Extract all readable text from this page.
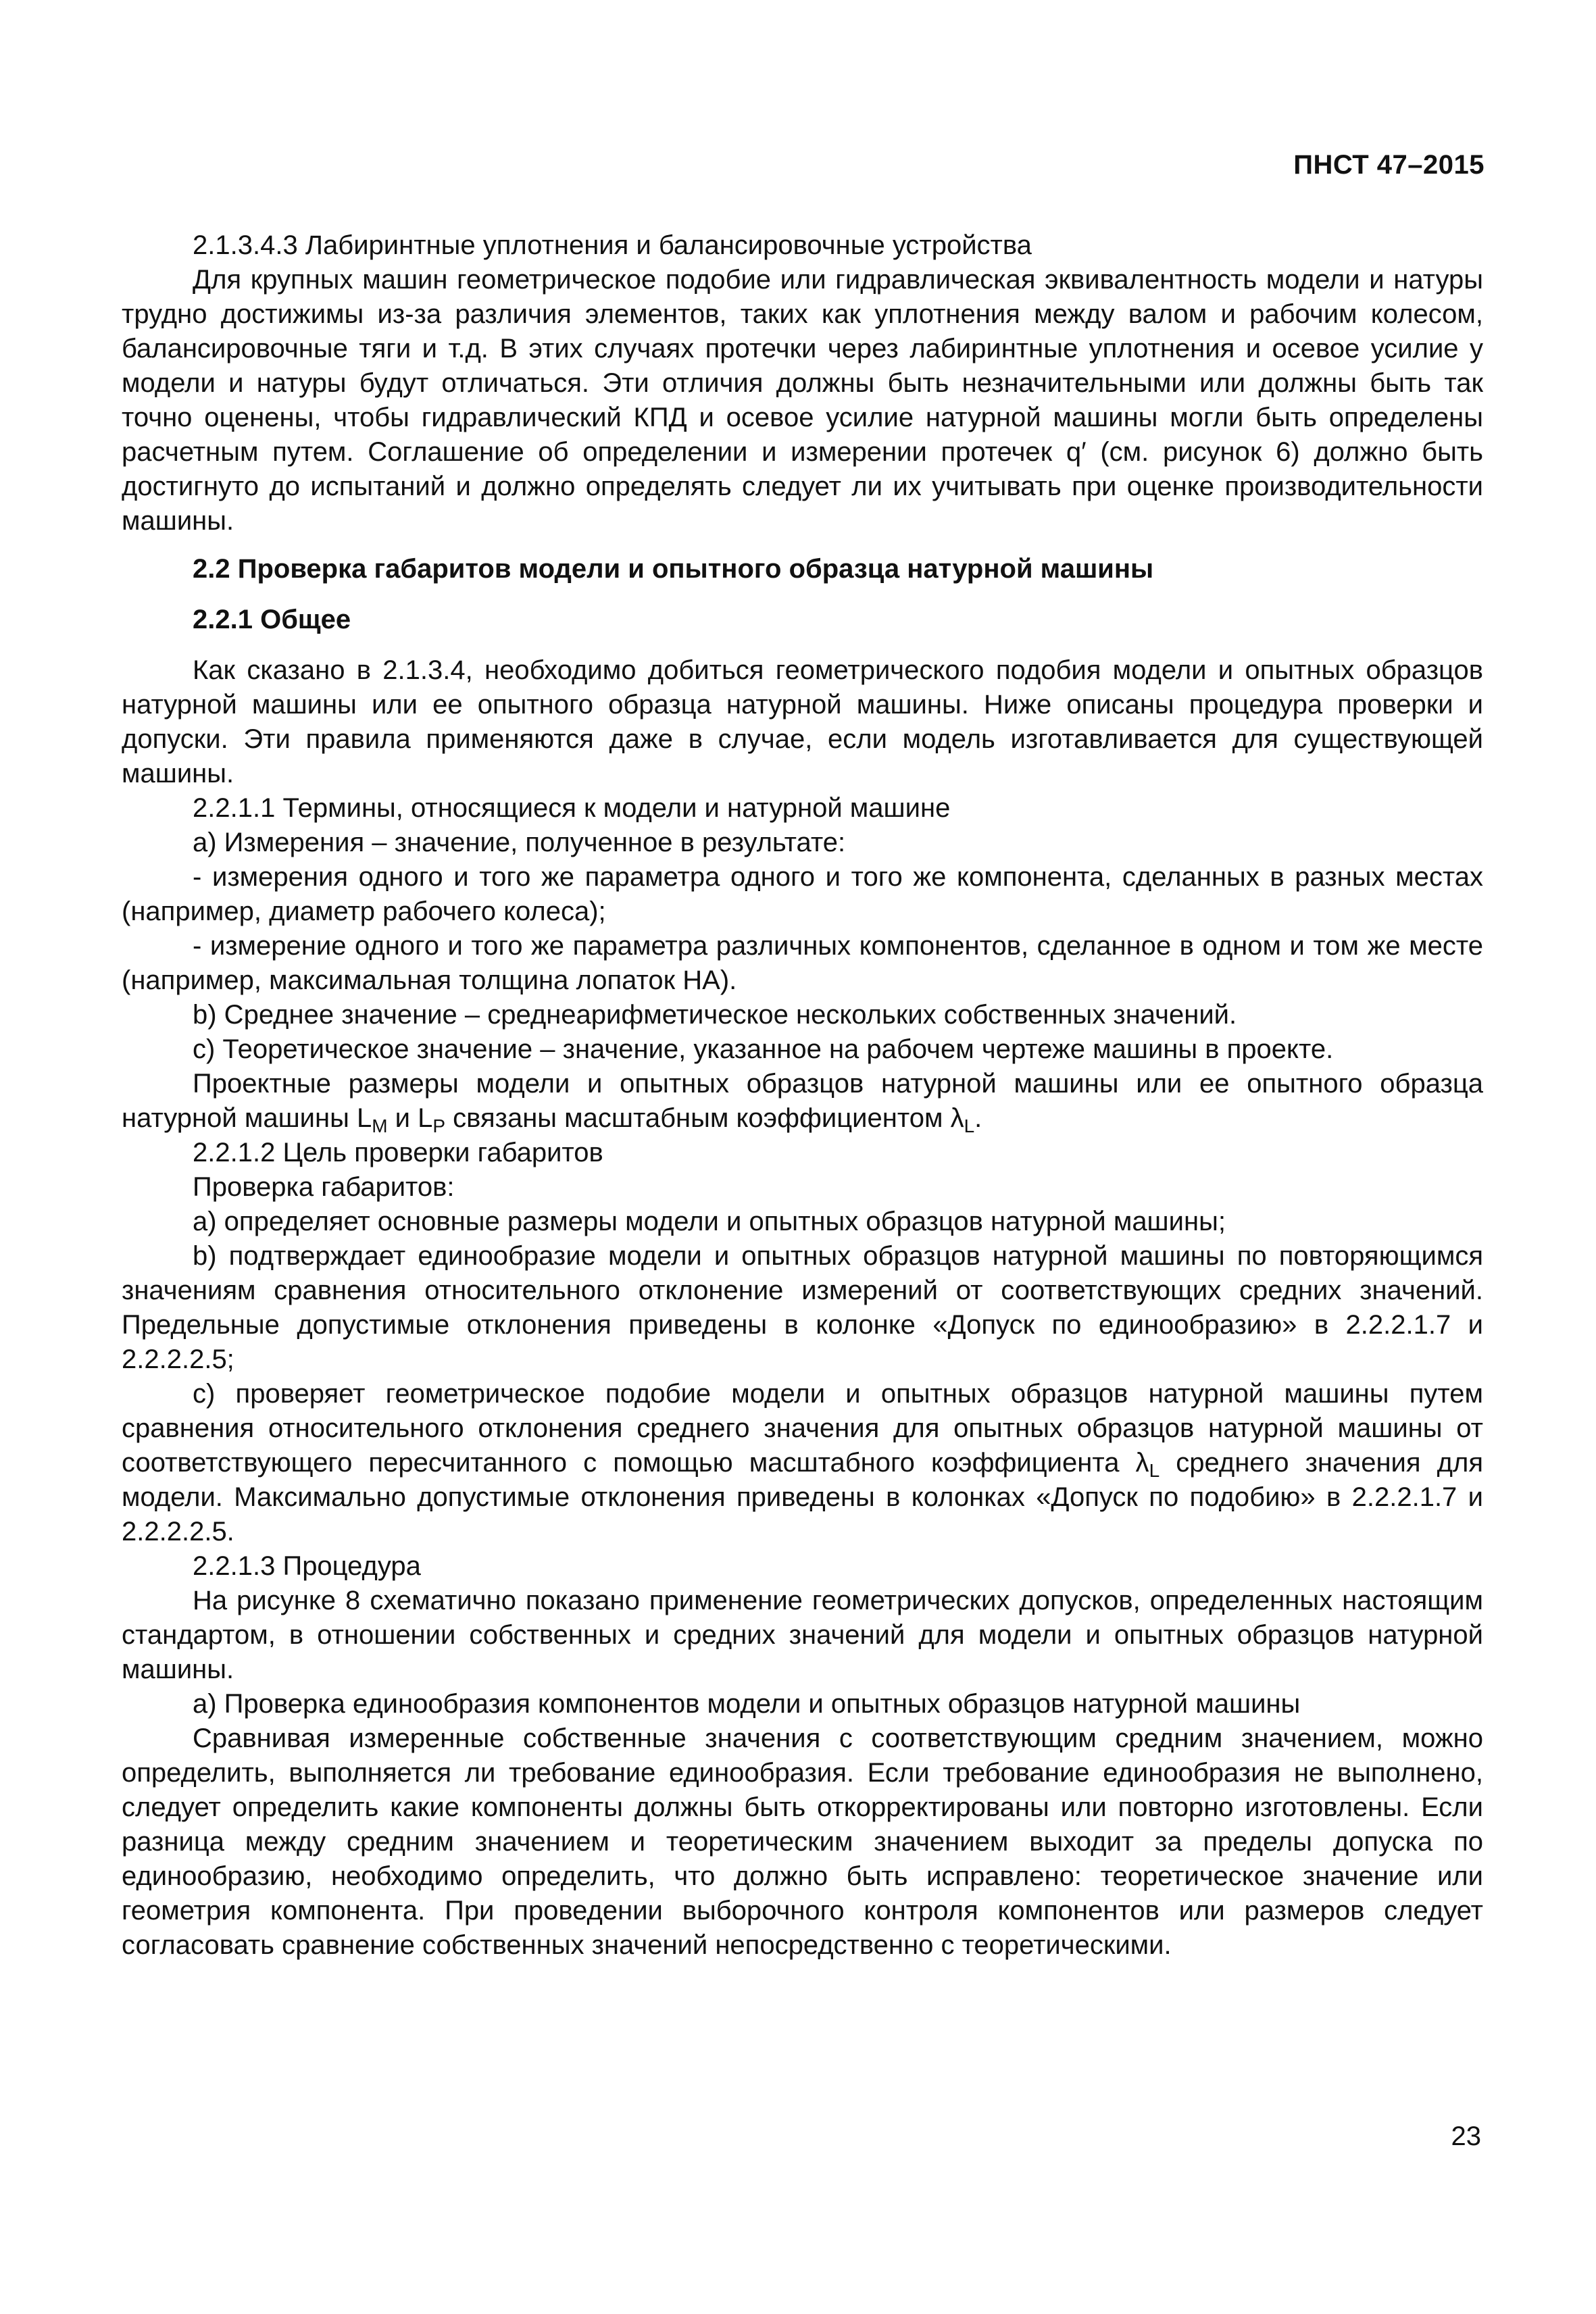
ПНСТ 47–2015

2.1.3.4.3 Лабиринтные уплотнения и балансировочные устройства

Для крупных машин геометрическое подобие или гидравлическая эквивалентность модели и натуры трудно достижимы из-за различия элементов, таких как уплотнения между валом и рабочим колесом, балансировочные тяги и т.д. В этих случаях протечки через лабиринтные уплотнения и осевое усилие у модели и натуры будут отличаться. Эти отличия должны быть незначительными или должны быть так точно оценены, чтобы гидравлический КПД и осевое усилие натурной машины могли быть определены расчетным путем. Соглашение об определении и измерении протечек q′ (см. рисунок 6) должно быть достигнуто до испытаний и должно определять следует ли их учитывать при оценке производительности машины.

2.2 Проверка габаритов модели и опытного образца натурной машины

2.2.1 Общее

Как сказано в 2.1.3.4, необходимо добиться геометрического подобия модели и опытных образцов натурной машины или ее опытного образца натурной машины. Ниже описаны процедура проверки и допуски. Эти правила применяются даже в случае, если модель изготавливается для существующей машины.

2.2.1.1 Термины, относящиеся к модели и натурной машине

a) Измерения – значение, полученное в результате:

- измерения одного и того же параметра одного и того же компонента, сделанных в разных местах (например, диаметр рабочего колеса);

- измерение одного и того же параметра различных компонентов, сделанное в одном и том же месте (например, максимальная толщина лопаток НА).

b) Среднее значение – среднеарифметическое нескольких собственных значений.

c) Теоретическое значение – значение, указанное на рабочем чертеже машины в проекте.

Проектные размеры модели и опытных образцов натурной машины или ее опытного образца натурной машины $L_M$ и $L_P$ связаны масштабным коэффициентом $\lambda_L$.

2.2.1.2 Цель проверки габаритов

Проверка габаритов:

a) определяет основные размеры модели и опытных образцов натурной машины;

b) подтверждает единообразие модели и опытных образцов натурной машины по повторяющимся значениям сравнения относительного отклонение измерений от соответствующих средних значений. Предельные допустимые отклонения приведены в колонке «Допуск по единообразию» в 2.2.2.1.7 и 2.2.2.2.5;

c) проверяет геометрическое подобие модели и опытных образцов натурной машины путем сравнения относительного отклонения среднего значения для опытных образцов натурной машины от соответствующего пересчитанного с помощью масштабного коэффициента $\lambda_L$ среднего значения для модели. Максимально допустимые отклонения приведены в колонках «Допуск по подобию» в 2.2.2.1.7 и 2.2.2.2.5.

2.2.1.3 Процедура

На рисунке 8 схематично показано применение геометрических допусков, определенных настоящим стандартом, в отношении собственных и средних значений для модели и опытных образцов натурной машины.

a) Проверка единообразия компонентов модели и опытных образцов натурной машины

Сравнивая измеренные собственные значения с соответствующим средним значением, можно определить, выполняется ли требование единообразия. Если требование единообразия не выполнено, следует определить какие компоненты должны быть откорректированы или повторно изготовлены. Если разница между средним значением и теоретическим значением выходит за пределы допуска по единообразию, необходимо определить, что должно быть исправлено: теоретическое значение или геометрия компонента. При проведении выборочного контроля компонентов или размеров следует согласовать сравнение собственных значений непосредственно с теоретическими.

23
